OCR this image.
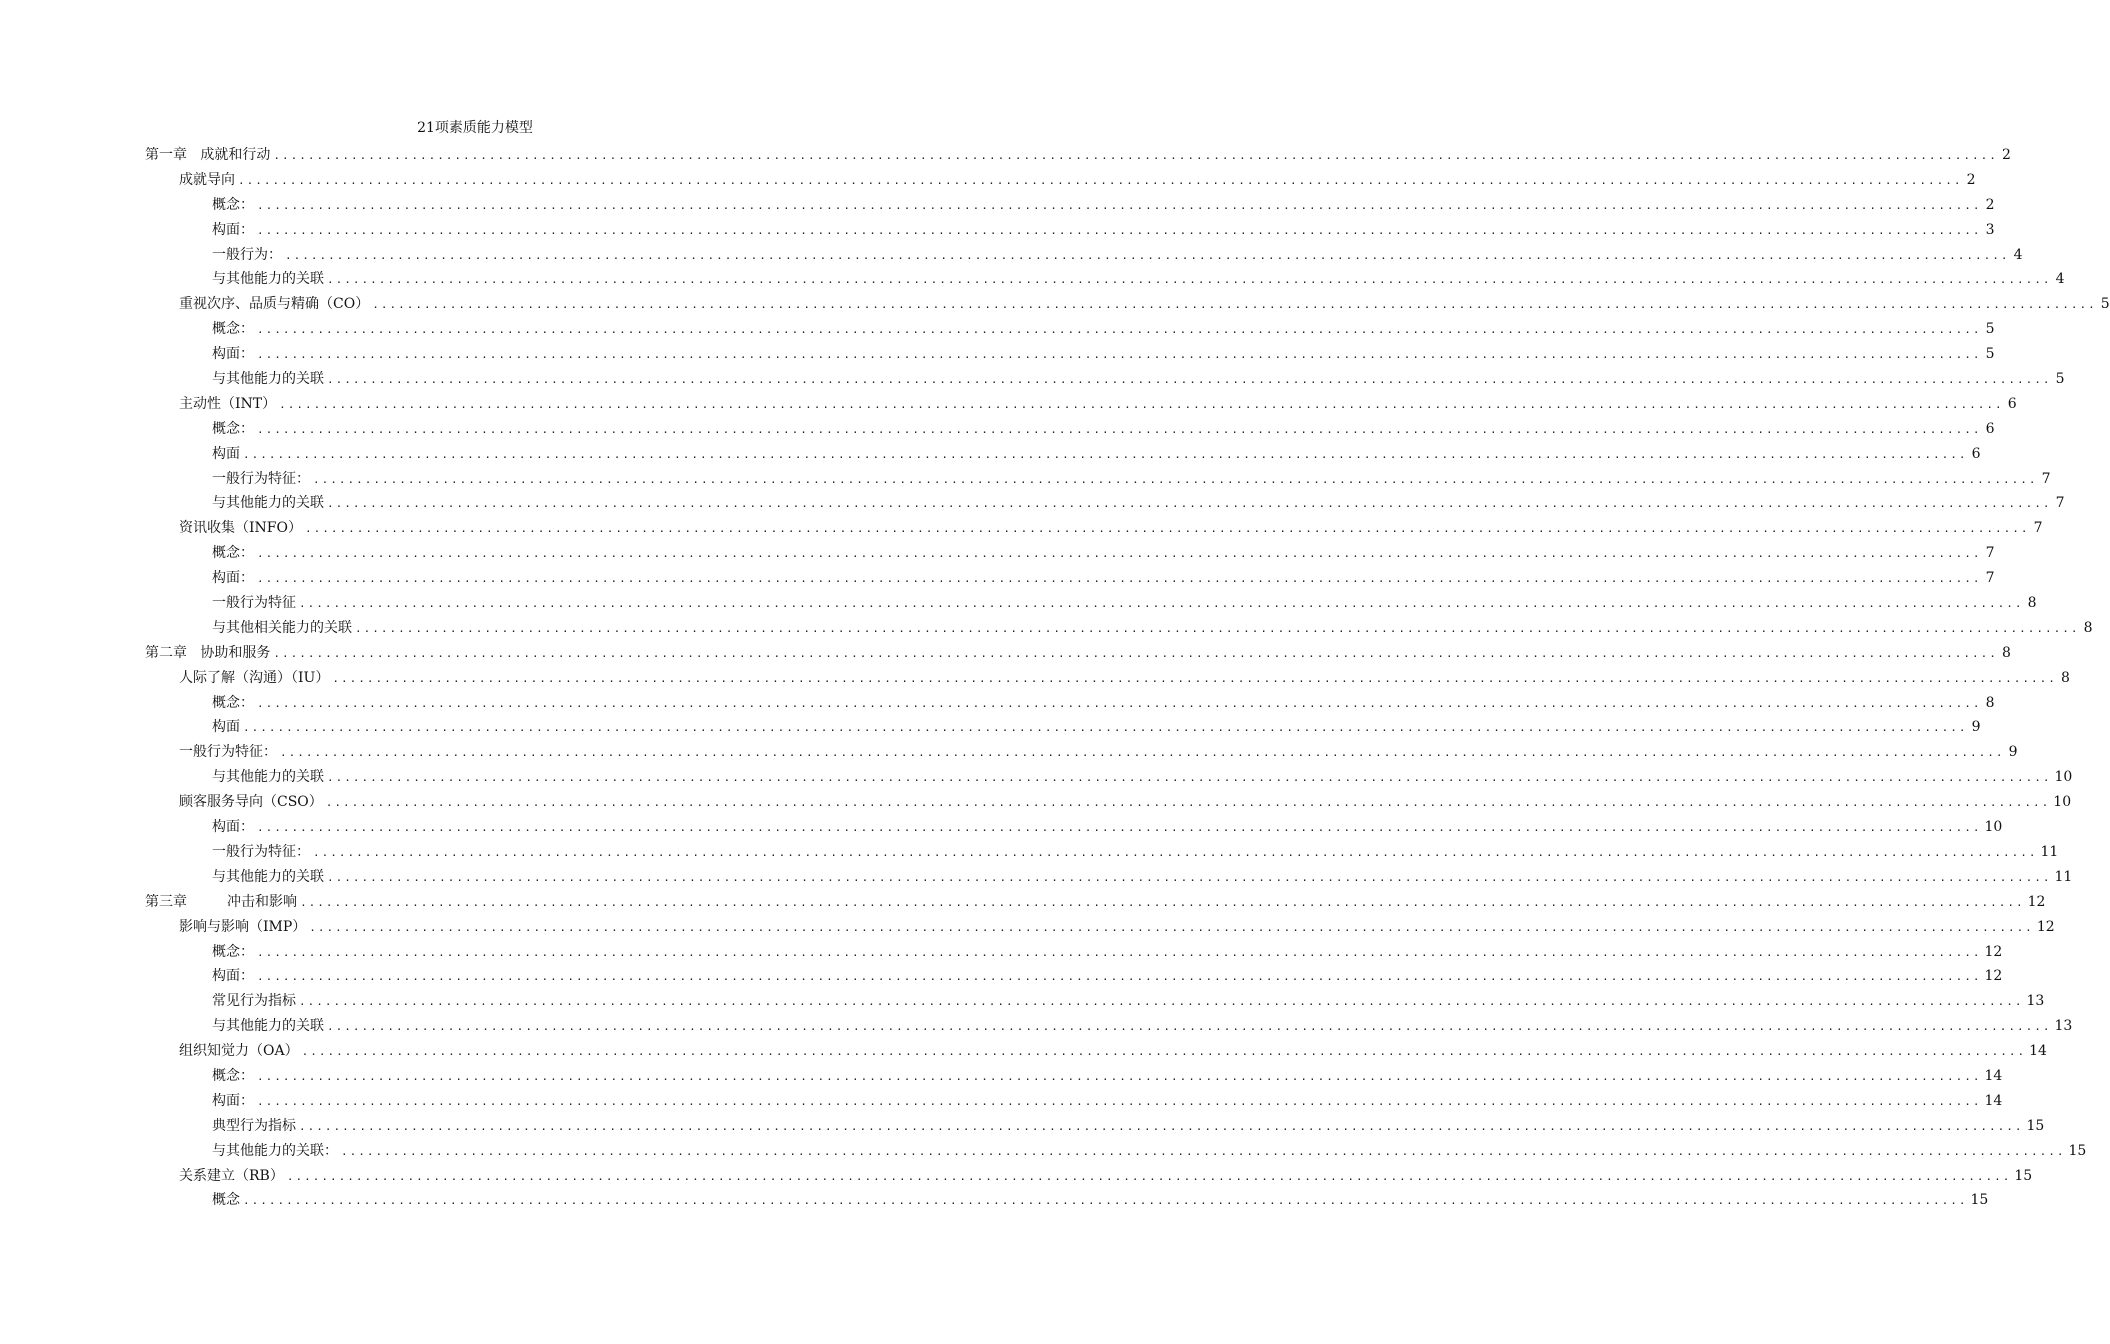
21项素质能力模型
第一章   成就和行动 ........................................................................................................................................................................................................ 2
成就导向 ........................................................................................................................................................................................................ 2
概念： ........................................................................................................................................................................................................ 2
构面： ........................................................................................................................................................................................................ 3
一般行为： ........................................................................................................................................................................................................ 4
与其他能力的关联 ........................................................................................................................................................................................................ 4
重视次序、品质与精确（CO） ........................................................................................................................................................................................................ 5
概念： ........................................................................................................................................................................................................ 5
构面： ........................................................................................................................................................................................................ 5
与其他能力的关联 ........................................................................................................................................................................................................ 5
主动性（INT） ........................................................................................................................................................................................................ 6
概念： ........................................................................................................................................................................................................ 6
构面 ........................................................................................................................................................................................................ 6
一般行为特征： ........................................................................................................................................................................................................ 7
与其他能力的关联 ........................................................................................................................................................................................................ 7
资讯收集（INFO） ........................................................................................................................................................................................................ 7
概念： ........................................................................................................................................................................................................ 7
构面： ........................................................................................................................................................................................................ 7
一般行为特征 ........................................................................................................................................................................................................ 8
与其他相关能力的关联 ........................................................................................................................................................................................................ 8
第二章   协助和服务 ........................................................................................................................................................................................................ 8
人际了解（沟通）（IU） ........................................................................................................................................................................................................ 8
概念： ........................................................................................................................................................................................................ 8
构面 ........................................................................................................................................................................................................ 9
一般行为特征： ........................................................................................................................................................................................................ 9
与其他能力的关联 ........................................................................................................................................................................................................ 10
顾客服务导向（CSO） ........................................................................................................................................................................................................ 10
构面： ........................................................................................................................................................................................................ 10
一般行为特征： ........................................................................................................................................................................................................ 11
与其他能力的关联 ........................................................................................................................................................................................................ 11
第三章         冲击和影响 ........................................................................................................................................................................................................ 12
影响与影响（IMP） ........................................................................................................................................................................................................ 12
概念： ........................................................................................................................................................................................................ 12
构面： ........................................................................................................................................................................................................ 12
常见行为指标 ........................................................................................................................................................................................................ 13
与其他能力的关联 ........................................................................................................................................................................................................ 13
组织知觉力（OA） ........................................................................................................................................................................................................ 14
概念： ........................................................................................................................................................................................................ 14
构面： ........................................................................................................................................................................................................ 14
典型行为指标 ........................................................................................................................................................................................................ 15
与其他能力的关联： ........................................................................................................................................................................................................ 15
关系建立（RB） ........................................................................................................................................................................................................ 15
概念 ........................................................................................................................................................................................................ 15
